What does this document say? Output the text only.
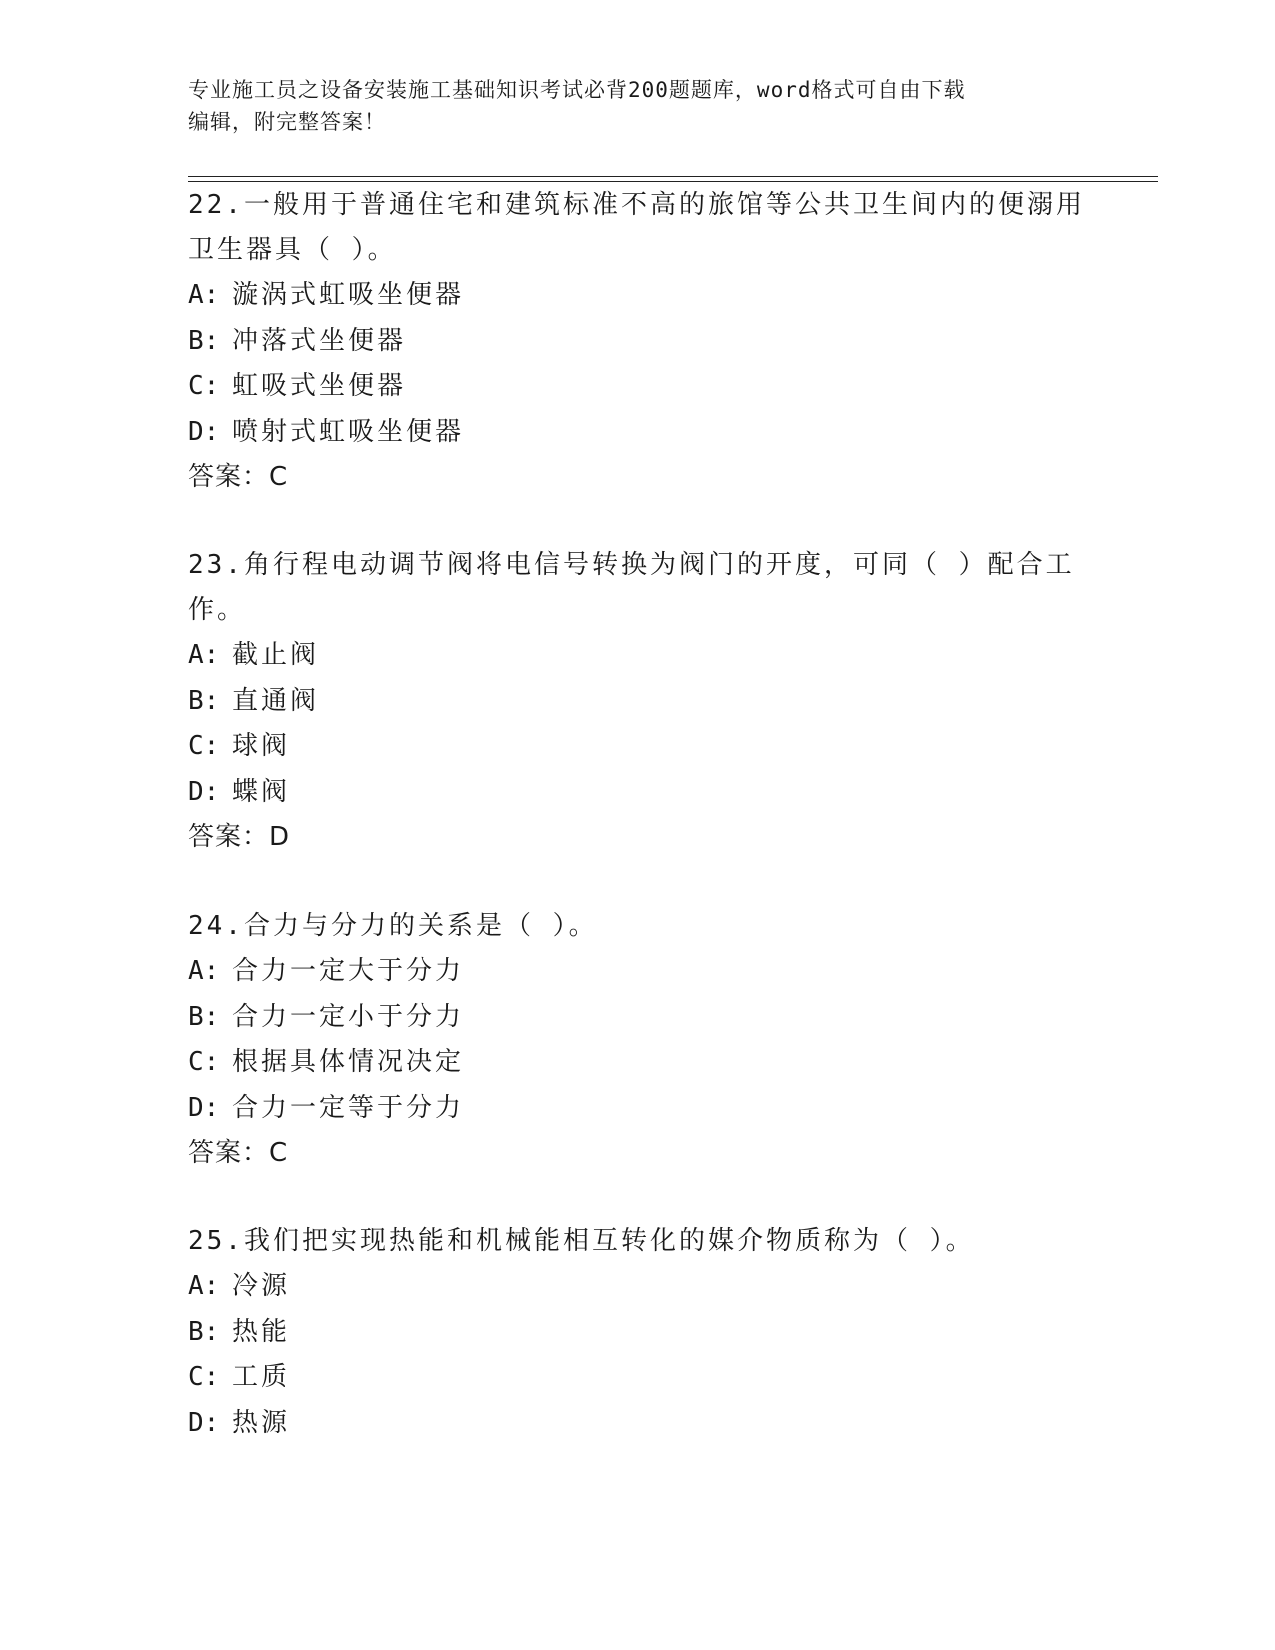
专业施工员之设备安装施工基础知识考试必背200题题库，word格式可自由下载
编辑，附完整答案！

22.一般用于普通住宅和建筑标准不高的旅馆等公共卫生间内的便溺用
卫生器具（ ）。

A: 漩涡式虹吸坐便器

B: 冲落式坐便器

C: 虹吸式坐便器

D: 喷射式虹吸坐便器

答案：C

23.角行程电动调节阀将电信号转换为阀门的开度，可同（ ）配合工
作。

A: 截止阀

B: 直通阀

C: 球阀

D: 蝶阀

答案：D

24.合力与分力的关系是（ ）。

A: 合力一定大于分力

B: 合力一定小于分力

C: 根据具体情况决定

D: 合力一定等于分力

答案：C

25.我们把实现热能和机械能相互转化的媒介物质称为（ ）。

A: 冷源

B: 热能

C: 工质

D: 热源
